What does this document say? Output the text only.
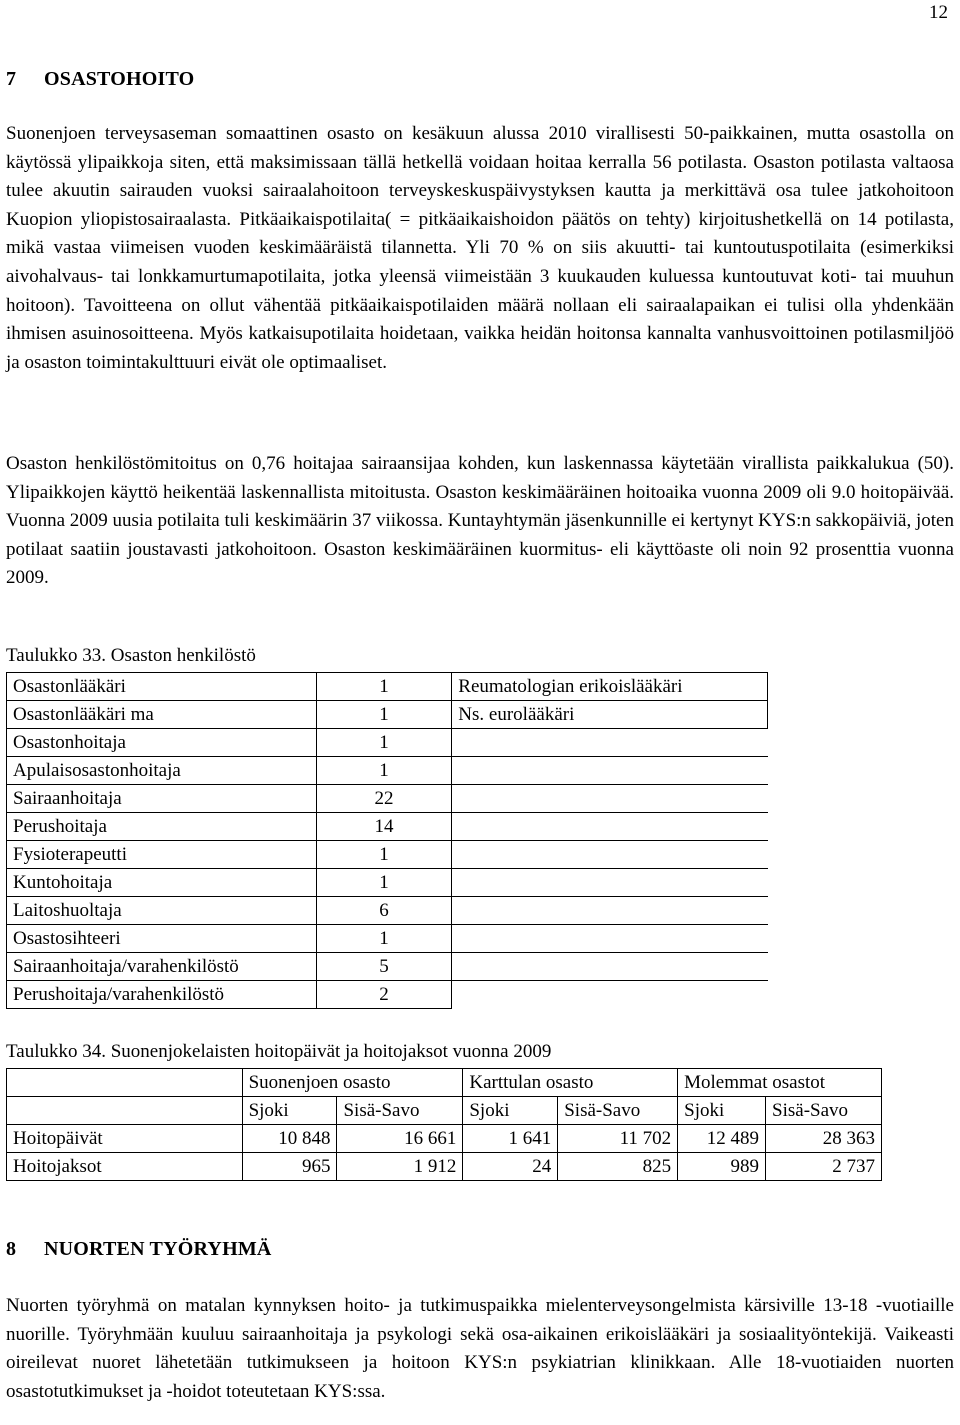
12
7 OSASTOHOITO

Suonenjoen terveysaseman somaattinen osasto on kesäkuun alussa 2010 virallisesti 50-paikkainen, mutta osastolla on käytössä ylipaikkoja siten, että maksimissaan tällä hetkellä voidaan hoitaa kerralla 56 potilasta. Osaston potilasta valtaosa tulee akuutin sairauden vuoksi sairaalahoitoon terveyskeskuspäivystyksen kautta ja merkittävä osa tulee jatkohoitoon Kuopion yliopistosairaalasta. Pitkäaikaispotilaita( = pitkäaikaishoidon päätös on tehty) kirjoitushetkellä on 14 potilasta, mikä vastaa viimeisen vuoden keskimääräistä tilannetta. Yli 70 % on siis akuutti- tai kuntoutuspotilaita (esimerkiksi aivohalvaus- tai lonkkamurtumapotilaita, jotka yleensä viimeistään 3 kuukauden kuluessa kuntoutuvat koti- tai muuhun hoitoon). Tavoitteena on ollut vähentää pitkäaikaispotilaiden määrä nollaan eli sairaalapaikan ei tulisi olla yhdenkään ihmisen asuinosoitteena. Myös katkaisupotilaita hoidetaan, vaikka heidän hoitonsa kannalta vanhusvoittoinen potilasmiljöö ja osaston toimintakulttuuri eivät ole optimaaliset.

Osaston henkilöstömitoitus on 0,76 hoitajaa sairaansijaa kohden, kun laskennassa käytetään virallista paikkalukua (50). Ylipaikkojen käyttö heikentää laskennallista mitoitusta. Osaston keskimääräinen hoitoaika vuonna 2009 oli 9.0 hoitopäivää. Vuonna 2009 uusia potilaita tuli keskimäärin 37 viikossa. Kuntayhtymän jäsenkunnille ei kertynyt KYS:n sakkopäiviä, joten potilaat saatiin joustavasti jatkohoitoon. Osaston keskimääräinen kuormitus- eli käyttöaste oli noin 92 prosenttia vuonna 2009.

Taulukko 33. Osaston henkilöstö
Osastonlääkäri	1	Reumatologian erikoislääkäri
Osastonlääkäri ma	1	Ns. eurolääkäri
Osastonhoitaja	1	
Apulaisosastonhoitaja	1	
Sairaanhoitaja	22	
Perushoitaja	14	
Fysioterapeutti	1	
Kuntohoitaja	1	
Laitoshuoltaja	6	
Osastosihteeri	1	
Sairaanhoitaja/varahenkilöstö	5	
Perushoitaja/varahenkilöstö	2	
Taulukko 34. Suonenjokelaisten hoitopäivät ja hoitojaksot vuonna 2009
	Suonenjoen osasto		Karttulan osasto		Molemmat osastot	
	Sjoki	Sisä-Savo	Sjoki	Sisä-Savo	Sjoki	Sisä-Savo
Hoitopäivät	10 848	16 661	1 641	11 702	12 489	28 363
Hoitojaksot	965	1 912	24	825	989	2 737
8 NUORTEN TYÖRYHMÄ

Nuorten työryhmä on matalan kynnyksen hoito- ja tutkimuspaikka mielenterveysongelmista kärsiville 13-18 -vuotiaille nuorille. Työryhmään kuuluu sairaanhoitaja ja psykologi sekä osa-aikainen erikoislääkäri ja sosiaalityöntekijä. Vaikeasti oireilevat nuoret lähetetään tutkimukseen ja hoitoon KYS:n psykiatrian klinikkaan. Alle 18-vuotiaiden nuorten osastotutkimukset ja -hoidot toteutetaan KYS:ssa.
